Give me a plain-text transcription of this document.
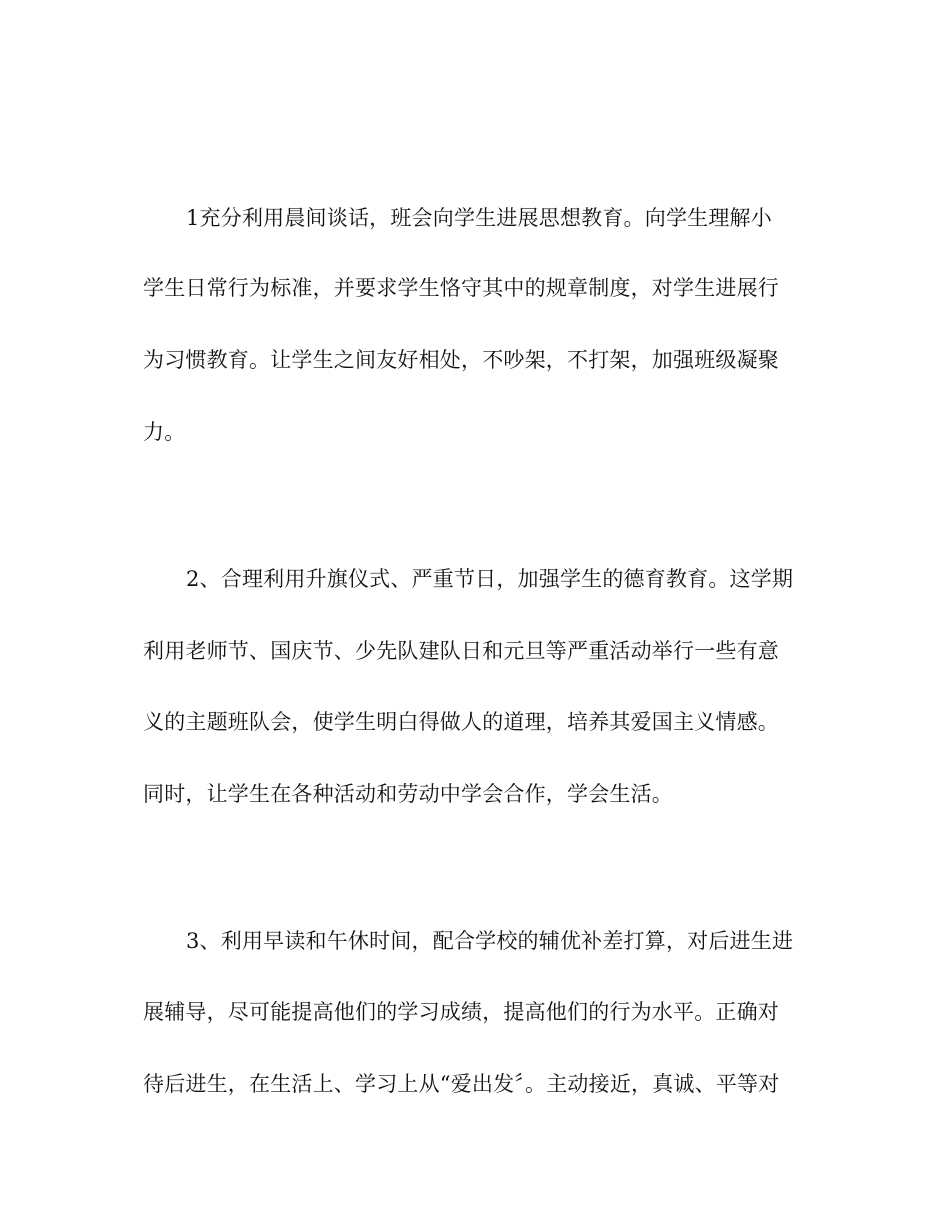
1充分利用晨间谈话，班会向学生进展思想教育。向学生理解小
学生日常行为标准，并要求学生恪守其中的规章制度，对学生进展行
为习惯教育。让学生之间友好相处，不吵架，不打架，加强班级凝聚
力。
2、合理利用升旗仪式、严重节日，加强学生的德育教育。这学期
利用老师节、国庆节、少先队建队日和元旦等严重活动举行一些有意
义的主题班队会，使学生明白得做人的道理，培养其爱国主义情感。
同时，让学生在各种活动和劳动中学会合作，学会生活。
3、利用早读和午休时间，配合学校的辅优补差打算，对后进生进
展辅导，尽可能提高他们的学习成绩，提高他们的行为水平。正确对
待后进生，在生活上、学习上从“爱出发〞。主动接近，真诚、平等对
